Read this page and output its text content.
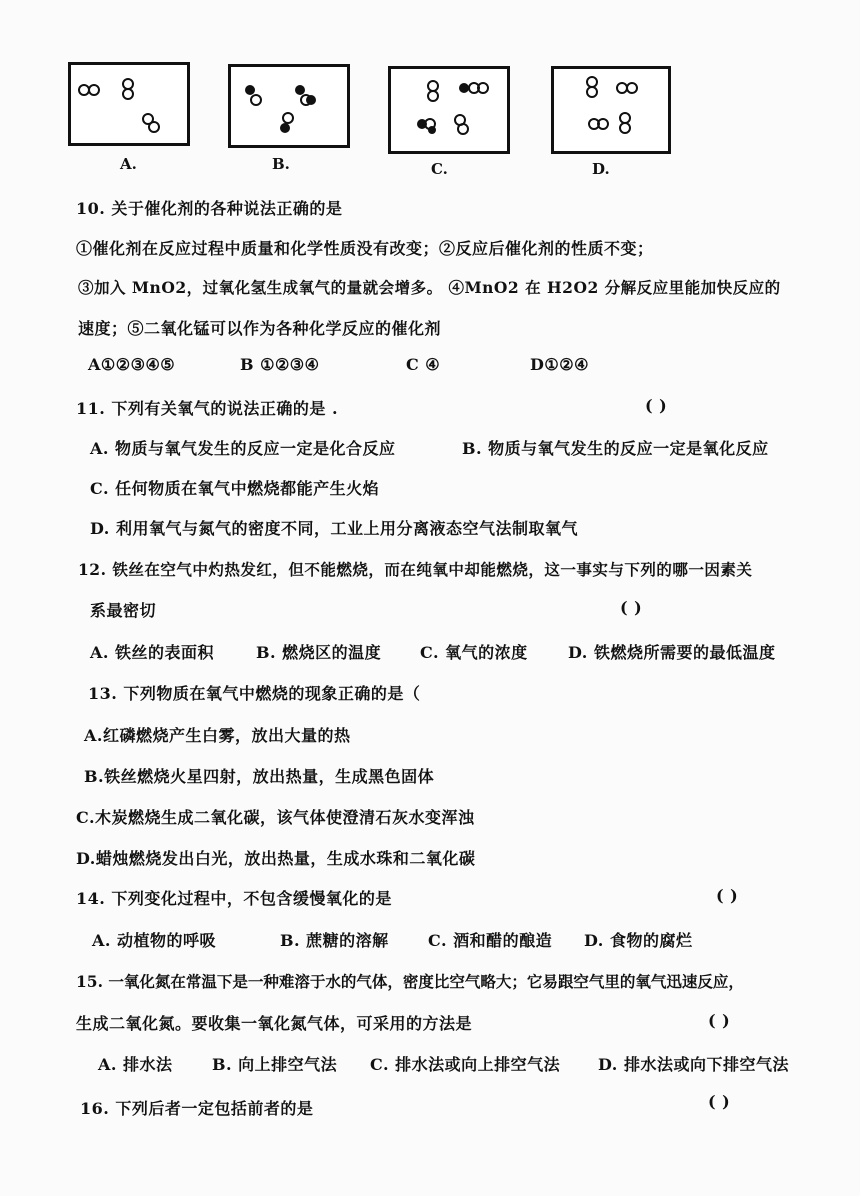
A.	B.	C.	D.
10. 关于催化剂的各种说法正确的是
①催化剂在反应过程中质量和化学性质没有改变；②反应后催化剂的性质不变；
③加入 MnO2，过氧化氢生成氧气的量就会增多。 ④MnO2 在 H2O2 分解反应里能加快反应的
速度；⑤二氧化锰可以作为各种化学反应的催化剂
A①②③④⑤	B ①②③④	C ④	D①②④
11. 下列有关氧气的说法正确的是 .	( )
A. 物质与氧气发生的反应一定是化合反应	B. 物质与氧气发生的反应一定是氧化反应
C. 任何物质在氧气中燃烧都能产生火焰
D. 利用氧气与氮气的密度不同，工业上用分离液态空气法制取氧气
12. 铁丝在空气中灼热发红，但不能燃烧，而在纯氧中却能燃烧，这一事实与下列的哪一因素关
系最密切	( )
A. 铁丝的表面积	B. 燃烧区的温度 C. 氧气的浓度	D. 铁燃烧所需要的最低温度
13. 下列物质在氧气中燃烧的现象正确的是（
A.红磷燃烧产生白雾，放出大量的热
B.铁丝燃烧火星四射，放出热量，生成黑色固体
C.木炭燃烧生成二氧化碳，该气体使澄清石灰水变浑浊
D.蜡烛燃烧发出白光，放出热量，生成水珠和二氧化碳
14. 下列变化过程中，不包含缓慢氧化的是	( )
A. 动植物的呼吸	B. 蔗糖的溶解 C. 酒和醋的酿造 D. 食物的腐烂
15. 一氧化氮在常温下是一种难溶于水的气体，密度比空气略大；它易跟空气里的氧气迅速反应，
生成二氧化氮。要收集一氧化氮气体，可采用的方法是	( )
A. 排水法 B. 向上排空气法 C. 排水法或向上排空气法 D. 排水法或向下排空气法
16. 下列后者一定包括前者的是	( )
